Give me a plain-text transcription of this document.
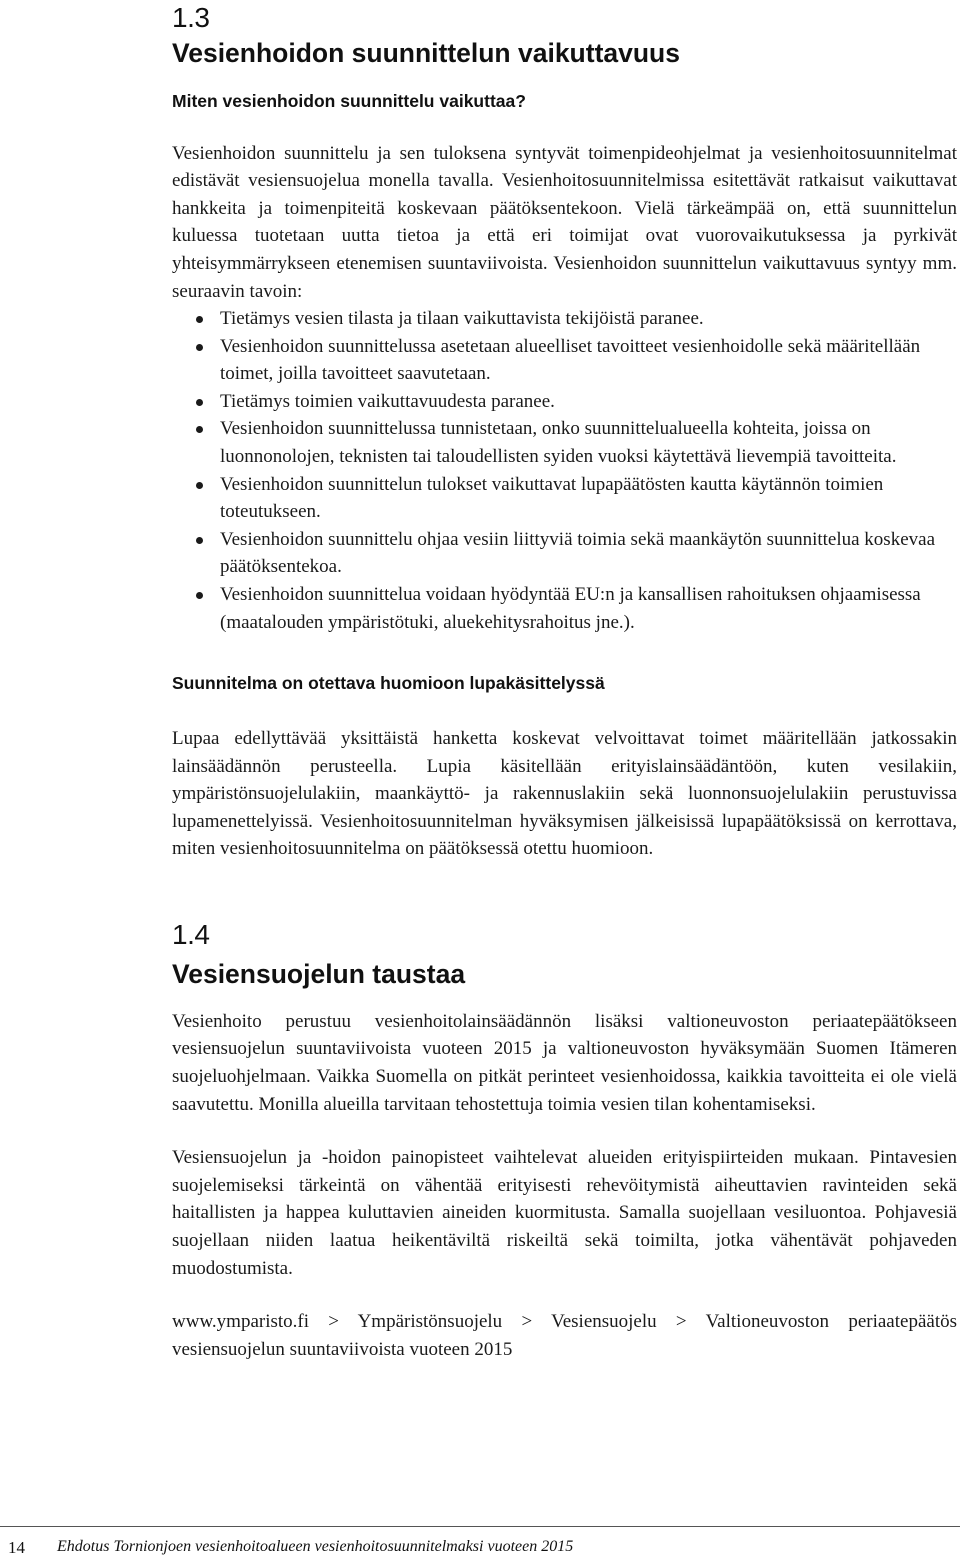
1.3
Vesienhoidon suunnittelun vaikuttavuus
Miten vesienhoidon suunnittelu vaikuttaa?

Vesienhoidon suunnittelu ja sen tuloksena syntyvät toimenpideohjelmat ja vesienhoitosuunnitelmat edistävät vesiensuojelua monella tavalla. Vesienhoitosuunnitelmissa esitettävät ratkaisut vaikuttavat hankkeita ja toimenpiteitä koskevaan päätöksentekoon. Vielä tärkeämpää on, että suunnittelun kuluessa tuotetaan uutta tietoa ja että eri toimijat ovat vuorovaikutuksessa ja pyrkivät yhteisymmärrykseen etenemisen suuntaviivoista. Vesienhoidon suunnittelun vaikuttavuus syntyy mm. seuraavin tavoin:

Tietämys vesien tilasta ja tilaan vaikuttavista tekijöistä paranee.
Vesienhoidon suunnittelussa asetetaan alueelliset tavoitteet vesienhoidolle sekä määritellään toimet, joilla tavoitteet saavutetaan.
Tietämys toimien vaikuttavuudesta paranee.
Vesienhoidon suunnittelussa tunnistetaan, onko suunnittelualueella kohteita, joissa on luonnonolojen, teknisten tai taloudellisten syiden vuoksi käytettävä lievempiä tavoitteita.
Vesienhoidon suunnittelun tulokset vaikuttavat lupapäätösten kautta käytännön toimien toteutukseen.
Vesienhoidon suunnittelu ohjaa vesiin liittyviä toimia sekä maankäytön suunnittelua koskevaa päätöksentekoa.
Vesienhoidon suunnittelua voidaan hyödyntää EU:n ja kansallisen rahoituksen ohjaamisessa (maatalouden ympäristötuki, aluekehitysrahoitus jne.).
Suunnitelma on otettava huomioon lupakäsittelyssä

Lupaa edellyttävää yksittäistä hanketta koskevat velvoittavat toimet määritellään jatkossakin lainsäädännön perusteella. Lupia käsitellään erityislainsäädäntöön, kuten vesilakiin, ympäristönsuojelulakiin, maankäyttö- ja rakennuslakiin sekä luonnonsuojelulakiin perustuvissa lupamenettelyissä. Vesienhoitosuunnitelman hyväksymisen jälkeisissä lupapäätöksissä on kerrottava, miten vesienhoitosuunnitelma on päätöksessä otettu huomioon.

1.4
Vesiensuojelun taustaa

Vesienhoito perustuu vesienhoitolainsäädännön lisäksi valtioneuvoston periaatepäätökseen vesiensuojelun suuntaviivoista vuoteen 2015 ja valtioneuvoston hyväksymään Suomen Itämeren suojeluohjelmaan. Vaikka Suomella on pitkät perinteet vesienhoidossa, kaikkia tavoitteita ei ole vielä saavutettu. Monilla alueilla tarvitaan tehostettuja toimia vesien tilan kohentamiseksi.

Vesiensuojelun ja -hoidon painopisteet vaihtelevat alueiden erityispiirteiden mukaan. Pintavesien suojelemiseksi tärkeintä on vähentää erityisesti rehevöitymistä aiheuttavien ravinteiden sekä haitallisten ja happea kuluttavien aineiden kuormitusta. Samalla suojellaan vesiluontoa. Pohjavesiä suojellaan niiden laatua heikentäviltä riskeiltä sekä toimilta, jotka vähentävät pohjaveden muodostumista.

www.ymparisto.fi > Ympäristönsuojelu > Vesiensuojelu > Valtioneuvoston periaatepäätös vesiensuojelun suuntaviivoista vuoteen 2015

14 Ehdotus Tornionjoen vesienhoitoalueen vesienhoitosuunnitelmaksi vuoteen 2015
